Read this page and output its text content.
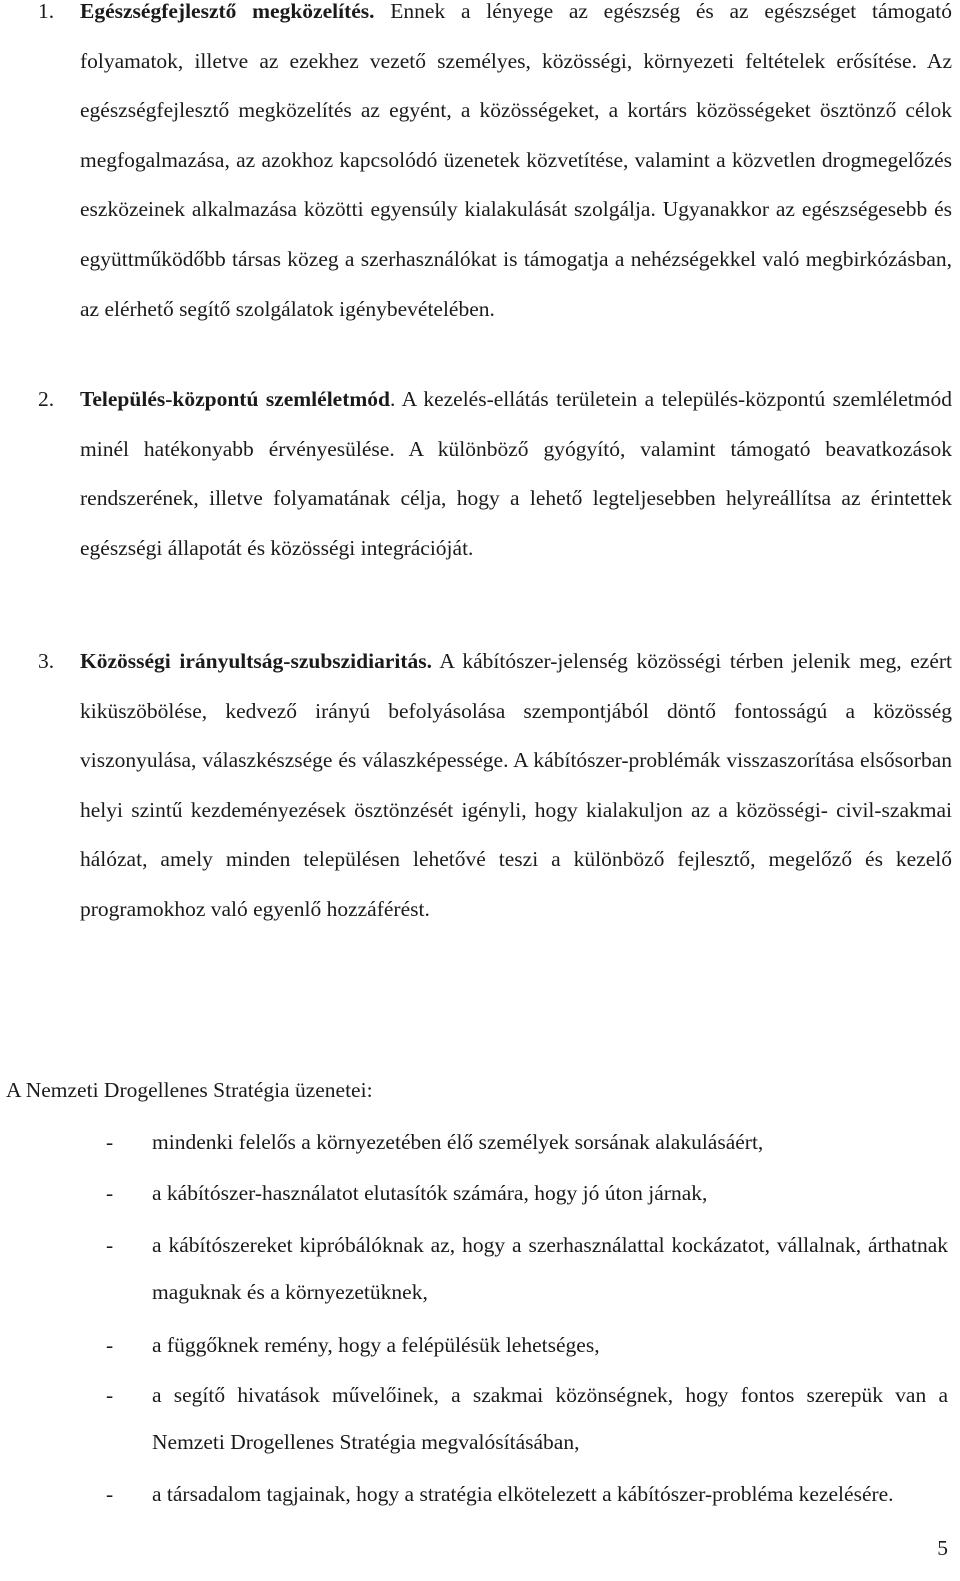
1. Egészségfejlesztő megközelítés. Ennek a lényege az egészség és az egészséget támogató folyamatok, illetve az ezekhez vezető személyes, közösségi, környezeti feltételek erősítése. Az egészségfejlesztő megközelítés az egyént, a közösségeket, a kortárs közösségeket ösztönző célok megfogalmazása, az azokhoz kapcsolódó üzenetek közvetítése, valamint a közvetlen drogmegelőzés eszközeinek alkalmazása közötti egyensúly kialakulását szolgálja. Ugyanakkor az egészségesebb és együttműködőbb társas közeg a szerhasználókat is támogatja a nehézségekkel való megbirkózásban, az elérhető segítő szolgálatok igénybevételében.
2. Település-központú szemléletmód. A kezelés-ellátás területein a település-központú szemléletmód minél hatékonyabb érvényesülése. A különböző gyógyító, valamint támogató beavatkozások rendszerének, illetve folyamatának célja, hogy a lehető legteljesebben helyreállítsa az érintettek egészségi állapotát és közösségi integrációját.
3. Közösségi irányultság-szubszidiaritás. A kábítószer-jelenség közösségi térben jelenik meg, ezért kiküszöbölése, kedvező irányú befolyásolása szempontjából döntő fontosságú a közösség viszonyulása, válaszkészsége és válaszképessége. A kábítószer-problémák visszaszorítása elsősorban helyi szintű kezdeményezések ösztönzését igényli, hogy kialakuljon az a közösségi- civil-szakmai hálózat, amely minden településen lehetővé teszi a különböző fejlesztő, megelőző és kezelő programokhoz való egyenlő hozzáférést.
A Nemzeti Drogellenes Stratégia üzenetei:
- mindenki felelős a környezetében élő személyek sorsának alakulásáért,
- a kábítószer-használatot elutasítók számára, hogy jó úton járnak,
- a kábítószereket kipróbálóknak az, hogy a szerhasználattal kockázatot, vállalnak, árthatnak maguknak és a környezetüknek,
- a függőknek remény, hogy a felépülésük lehetséges,
- a segítő hivatások művelőinek, a szakmai közönségnek, hogy fontos szerepük van a Nemzeti Drogellenes Stratégia megvalósításában,
- a társadalom tagjainak, hogy a stratégia elkötelezett a kábítószer-probléma kezelésére.
5
